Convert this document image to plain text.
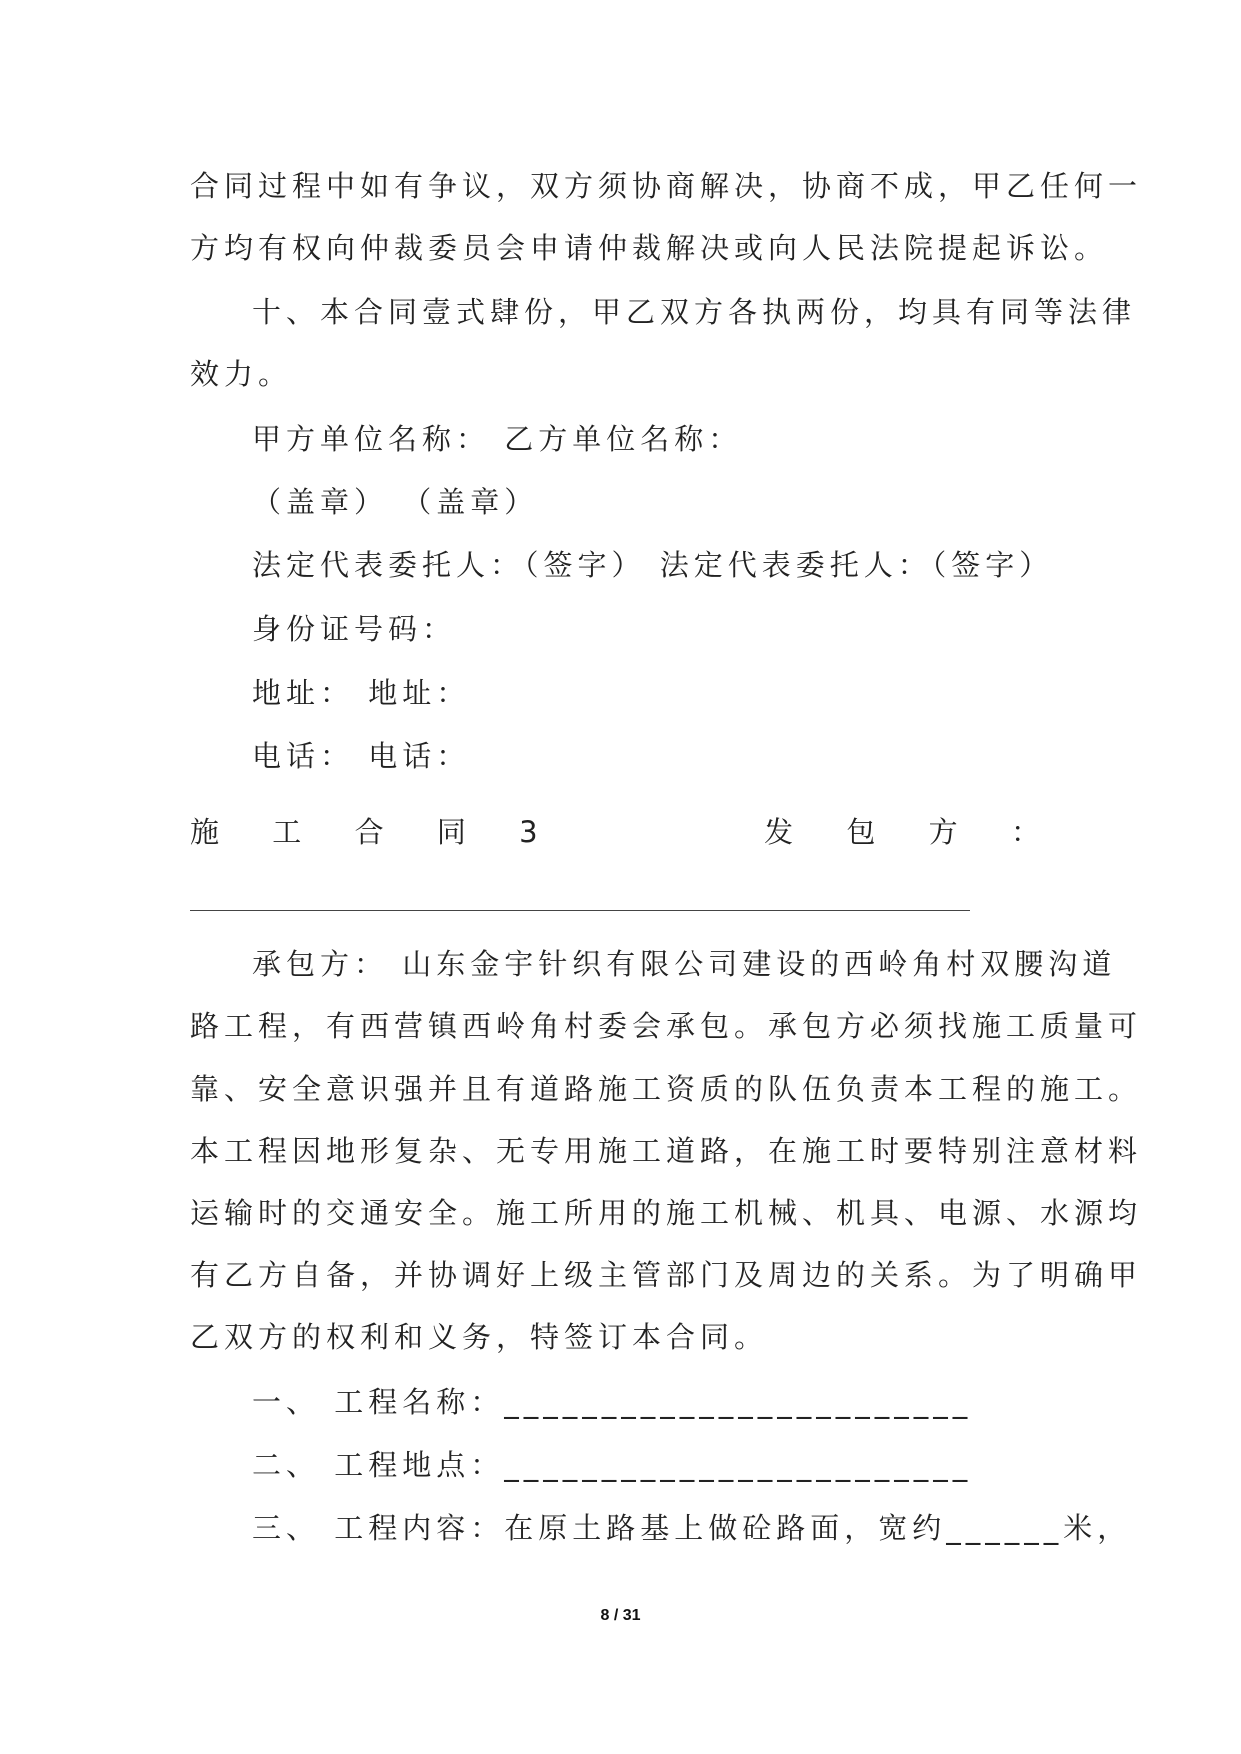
合同过程中如有争议，双方须协商解决，协商不成，甲乙任何一
方均有权向仲裁委员会申请仲裁解决或向人民法院提起诉讼。
十、本合同壹式肆份，甲乙双方各执两份，均具有同等法律
效力。
甲方单位名称： 乙方单位名称：
（盖章） （盖章）
法定代表委托人：（签字） 法定代表委托人：（签字）
身份证号码：
地址： 地址：
电话： 电话：
施 工 合 同 3	发 包 方 ：
承包方： 山东金宇针织有限公司建设的西岭角村双腰沟道
路工程，有西营镇西岭角村委会承包。承包方必须找施工质量可
靠、安全意识强并且有道路施工资质的队伍负责本工程的施工。
本工程因地形复杂、无专用施工道路，在施工时要特别注意材料
运输时的交通安全。施工所用的施工机械、机具、电源、水源均
有乙方自备，并协调好上级主管部门及周边的关系。为了明确甲
乙双方的权利和义务，特签订本合同。
一、 工程名称：________________________
二、 工程地点：________________________
三、 工程内容：在原土路基上做砼路面，宽约______米，
8 / 31
